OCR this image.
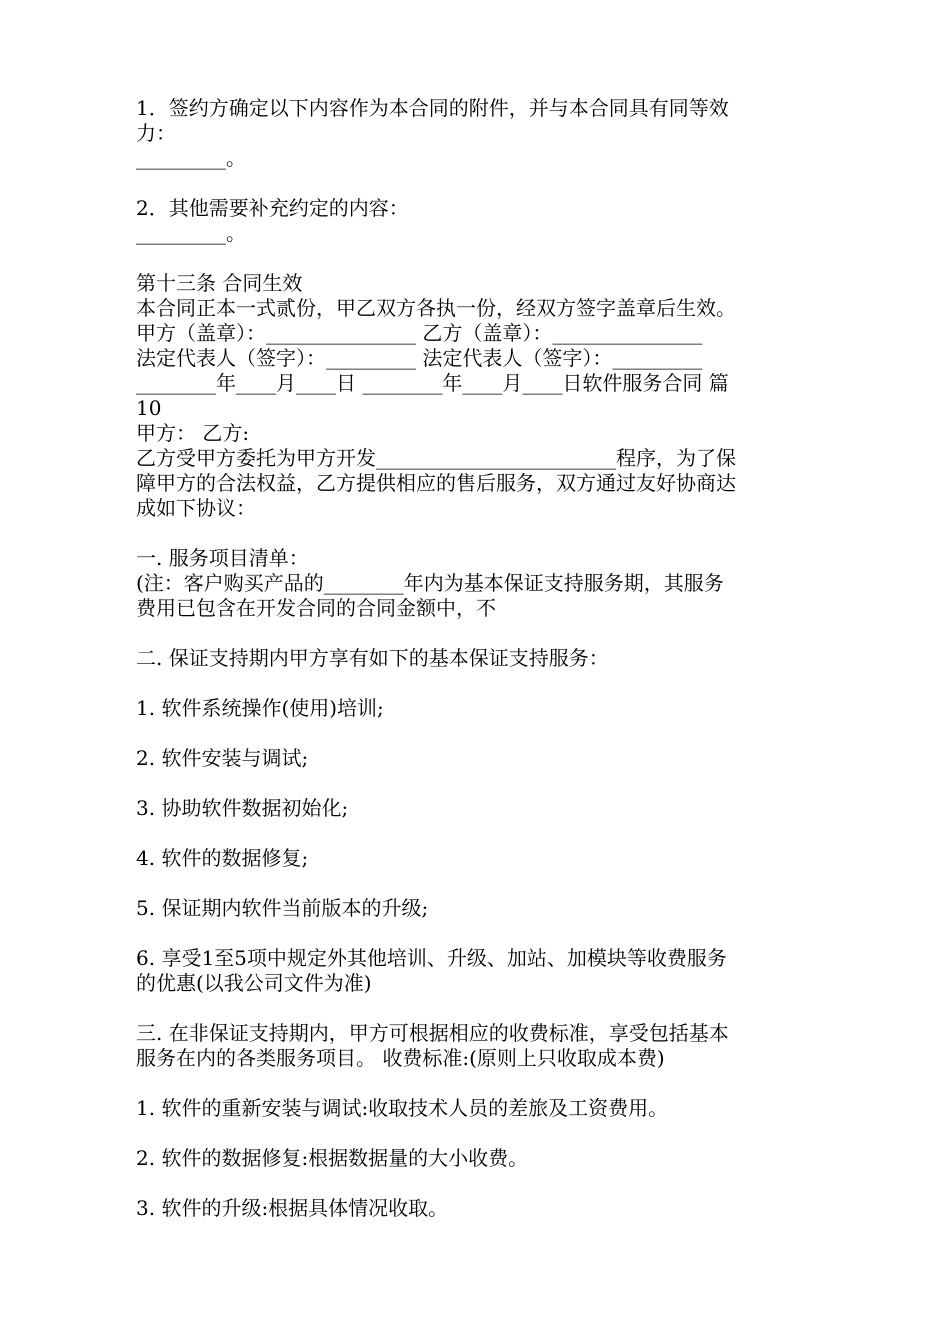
1．签约方确定以下内容作为本合同的附件，并与本合同具有同等效
力：
_________。
2．其他需要补充约定的内容：
_________。
第十三条 合同生效
本合同正本一式贰份，甲乙双方各执一份，经双方签字盖章后生效。
甲方（盖章）：_______________ 乙方（盖章）：_______________
法定代表人（签字）：_________ 法定代表人（签字）：_________
________年____月____日 ________年____月____日软件服务合同 篇
10
甲方： 乙方:
乙方受甲方委托为甲方开发________________________程序，为了保
障甲方的合法权益，乙方提供相应的售后服务，双方通过友好协商达
成如下协议：
一. 服务项目清单：
(注：客户购买产品的________年内为基本保证支持服务期，其服务
费用已包含在开发合同的合同金额中，不
二. 保证支持期内甲方享有如下的基本保证支持服务：
1. 软件系统操作(使用)培训;
2. 软件安装与调试;
3. 协助软件数据初始化;
4. 软件的数据修复;
5. 保证期内软件当前版本的升级;
6. 享受1至5项中规定外其他培训、升级、加站、加模块等收费服务
的优惠(以我公司文件为准)
三. 在非保证支持期内，甲方可根据相应的收费标准，享受包括基本
服务在内的各类服务项目。 收费标准:(原则上只收取成本费)
1. 软件的重新安装与调试:收取技术人员的差旅及工资费用。
2. 软件的数据修复:根据数据量的大小收费。
3. 软件的升级:根据具体情况收取。
